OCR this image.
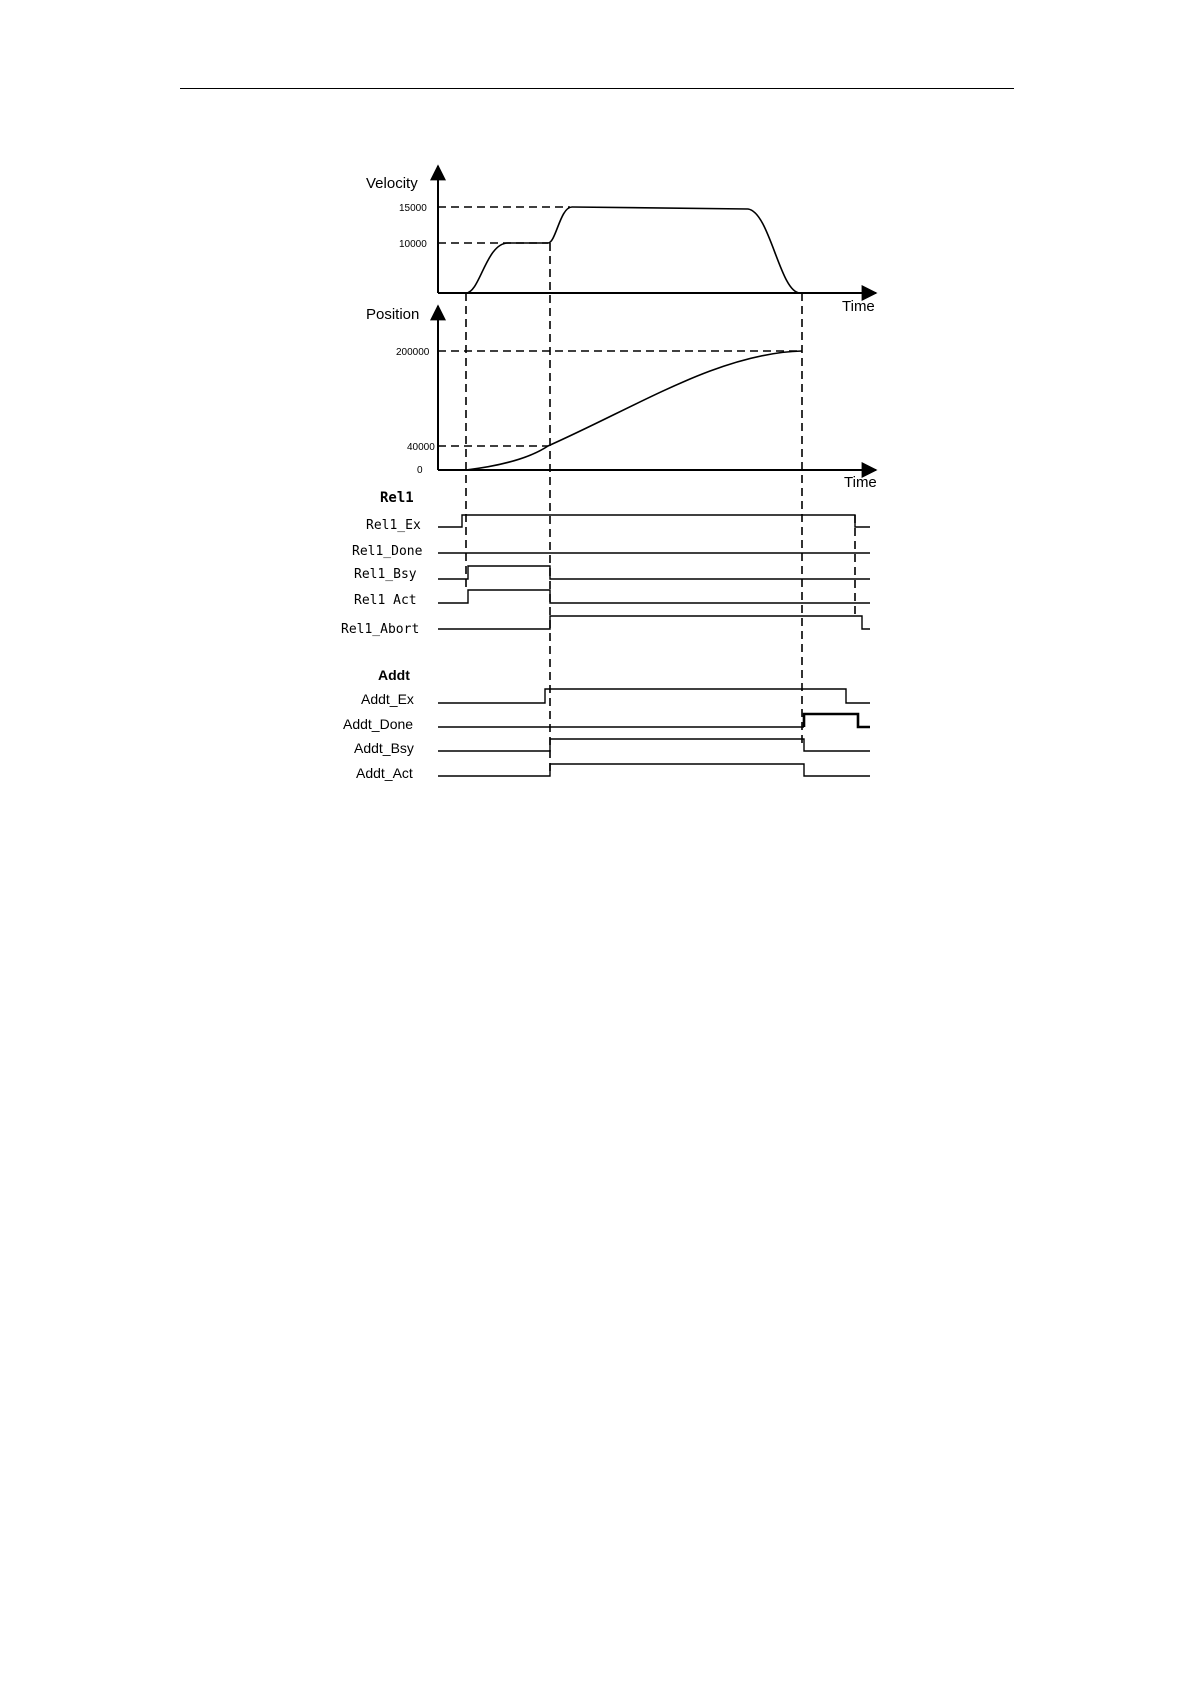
Velocity
Time
15000
10000
Position
Time
200000
40000
0
Rel1
Rel1_Ex
Rel1_Done
Rel1_Bsy
Rel1 Act
Rel1_Abort
Addt
Addt_Ex
Addt_Done
Addt_Bsy
Addt_Act
